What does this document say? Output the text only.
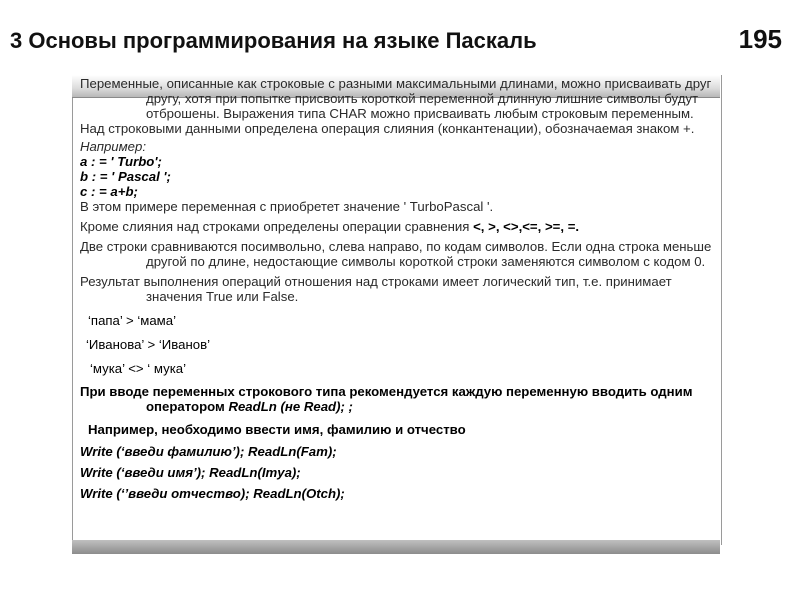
3 Основы программирования на языке Паскаль	195

Переменные, описанные как строковые с разными максимальными длинами, можно присваивать друг другу, хотя при попытке присвоить короткой переменной длинную лишние символы будут отброшены. Выражения типа CHAR можно присваивать любым строковым переменным.

Над строковыми данными определена операция слияния (конкантенации), обозначаемая знаком +.

Например:

a : = ' Turbo';

b : = ' Pascal ';

c : = a+b;

В этом примере переменная с приобретет значение ' TurboPascal '.

Кроме слияния над строками определены операции сравнения <, >, <>,<=, >=, =.

Две строки сравниваются посимвольно, слева направо, по кодам символов. Если одна строка меньше другой по длине, недостающие символы короткой строки заменяются символом с кодом 0.

Результат выполнения операций отношения над строками имеет логический тип, т.е. принимает значения True или False.

‘папа’ > ‘мама’

‘Иванова’ > ‘Иванов’

‘мука’ <> ‘ мука’

При вводе переменных строкового типа рекомендуется каждую переменную вводить одним оператором ReadLn (не Read); ;

Например, необходимо ввести имя, фамилию и отчество

Write (‘введи фамилию’); ReadLn(Fam);

Write (‘введи имя’); ReadLn(Imya);

Write (‘’введи отчество); ReadLn(Otch);
